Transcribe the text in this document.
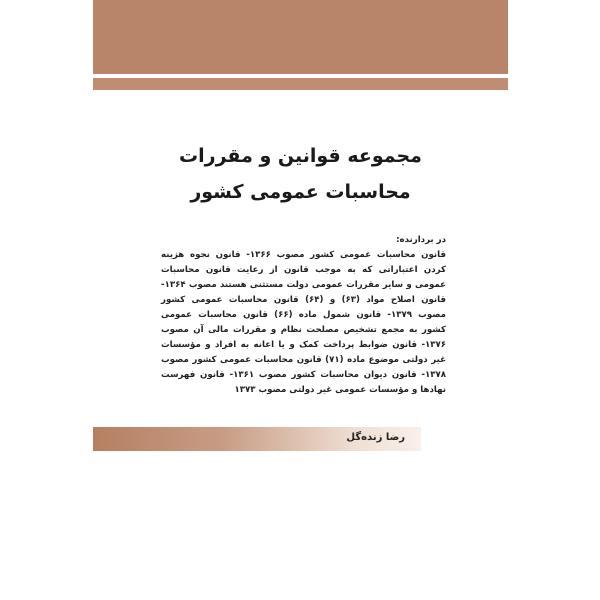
مجموعه قوانین و مقررات
محاسبات عمومی کشور
در بردارنده:
قانون محاسبات عمومی کشور مصوب ۱۳۶۶- قانون نحوه هزینه کردن اعتباراتی که به موجب قانون از رعایت قانون محاسبات عمومی و سایر مقررات عمومی دولت مستثنی هستند مصوب ۱۳۶۴- قانون اصلاح مواد (۶۳) و (۶۴) قانون محاسبات عمومی کشور مصوب ۱۳۷۹- قانون شمول ماده (۶۶) قانون محاسبات عمومی کشور به مجمع تشخیص مصلحت نظام و مقررات مالی آن مصوب ۱۳۷۶- قانون ضوابط پرداخت کمک و یا اعانه به افراد و مؤسسات غیر دولتی موضوع ماده (۷۱) قانون محاسبات عمومی کشور مصوب ۱۳۷۸- قانون دیوان محاسبات کشور مصوب ۱۳۶۱- قانون فهرست نهادها و مؤسسات عمومی غیر دولتی مصوب ۱۳۷۳
رضا زنده‌گل
